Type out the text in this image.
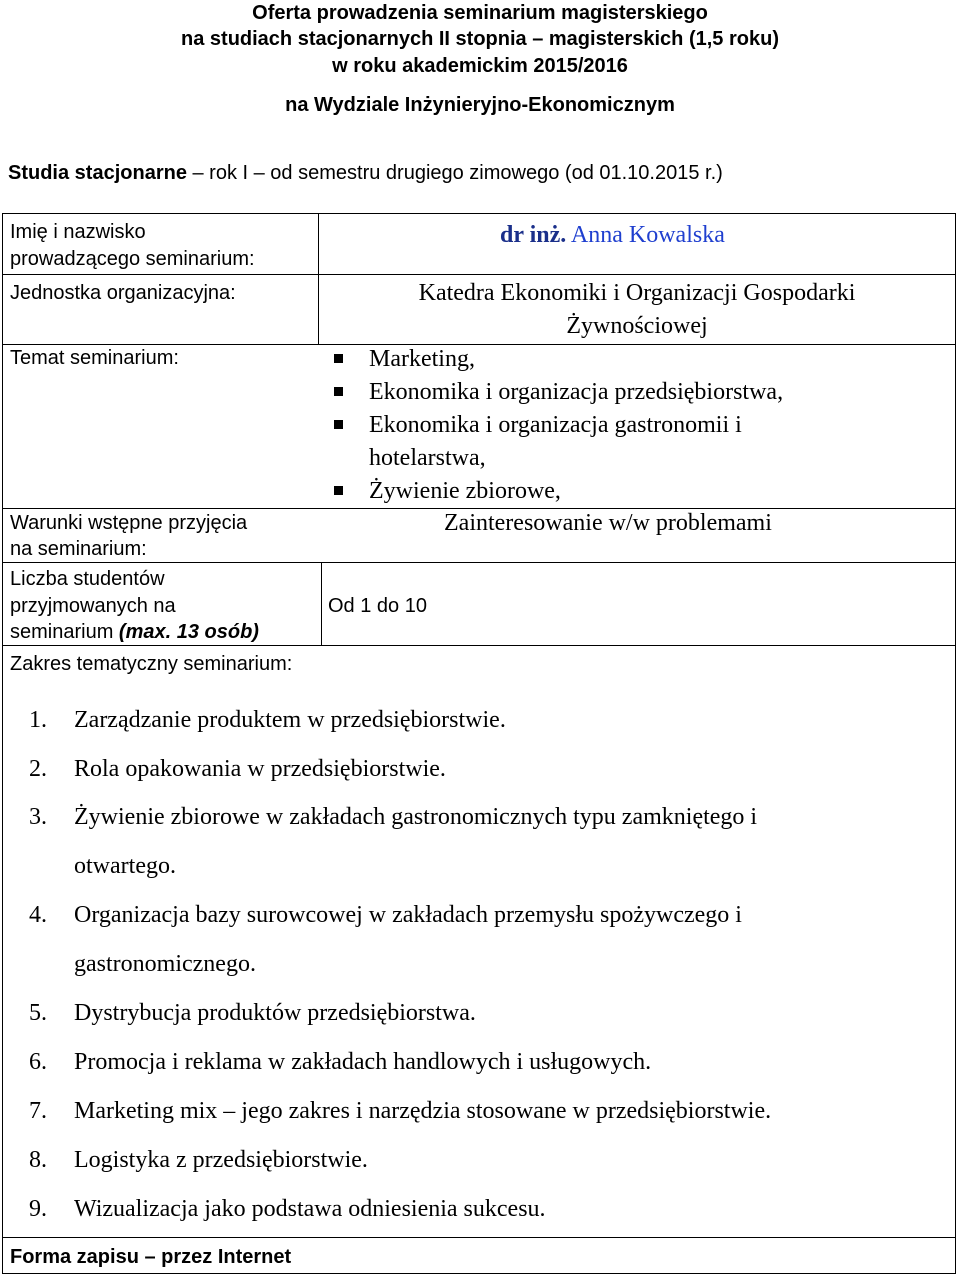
Oferta prowadzenia seminarium magisterskiego
na studiach stacjonarnych II stopnia – magisterskich (1,5 roku)
w roku akademickim 2015/2016
na Wydziale Inżynieryjno-Ekonomicznym
Studia stacjonarne – rok I – od semestru drugiego zimowego (od 01.10.2015 r.)
Imię i nazwisko
prowadzącego seminarium:
dr inż. Anna Kowalska
Jednostka organizacyjna:	Katedra Ekonomiki i Organizacji Gospodarki
Żywnościowej
Temat seminarium:	Marketing,
Ekonomika i organizacja przedsiębiorstwa,
Ekonomika i organizacja gastronomii i
hotelarstwa,
Żywienie zbiorowe,
Warunki wstępne przyjęcia
na seminarium:
Zainteresowanie w/w problemami
Liczba studentów
przyjmowanych na
seminarium (max. 13 osób)
Od 1 do 10
Zakres tematyczny seminarium:
1. Zarządzanie produktem w przedsiębiorstwie.
2. Rola opakowania w przedsiębiorstwie.
3. Żywienie zbiorowe w zakładach gastronomicznych typu zamkniętego i
otwartego.
4. Organizacja bazy surowcowej w zakładach przemysłu spożywczego i
gastronomicznego.
5. Dystrybucja produktów przedsiębiorstwa.
6. Promocja i reklama w zakładach handlowych i usługowych.
7. Marketing mix – jego zakres i narzędzia stosowane w przedsiębiorstwie.
8. Logistyka z przedsiębiorstwie.
9. Wizualizacja jako podstawa odniesienia sukcesu.
Forma zapisu – przez Internet
